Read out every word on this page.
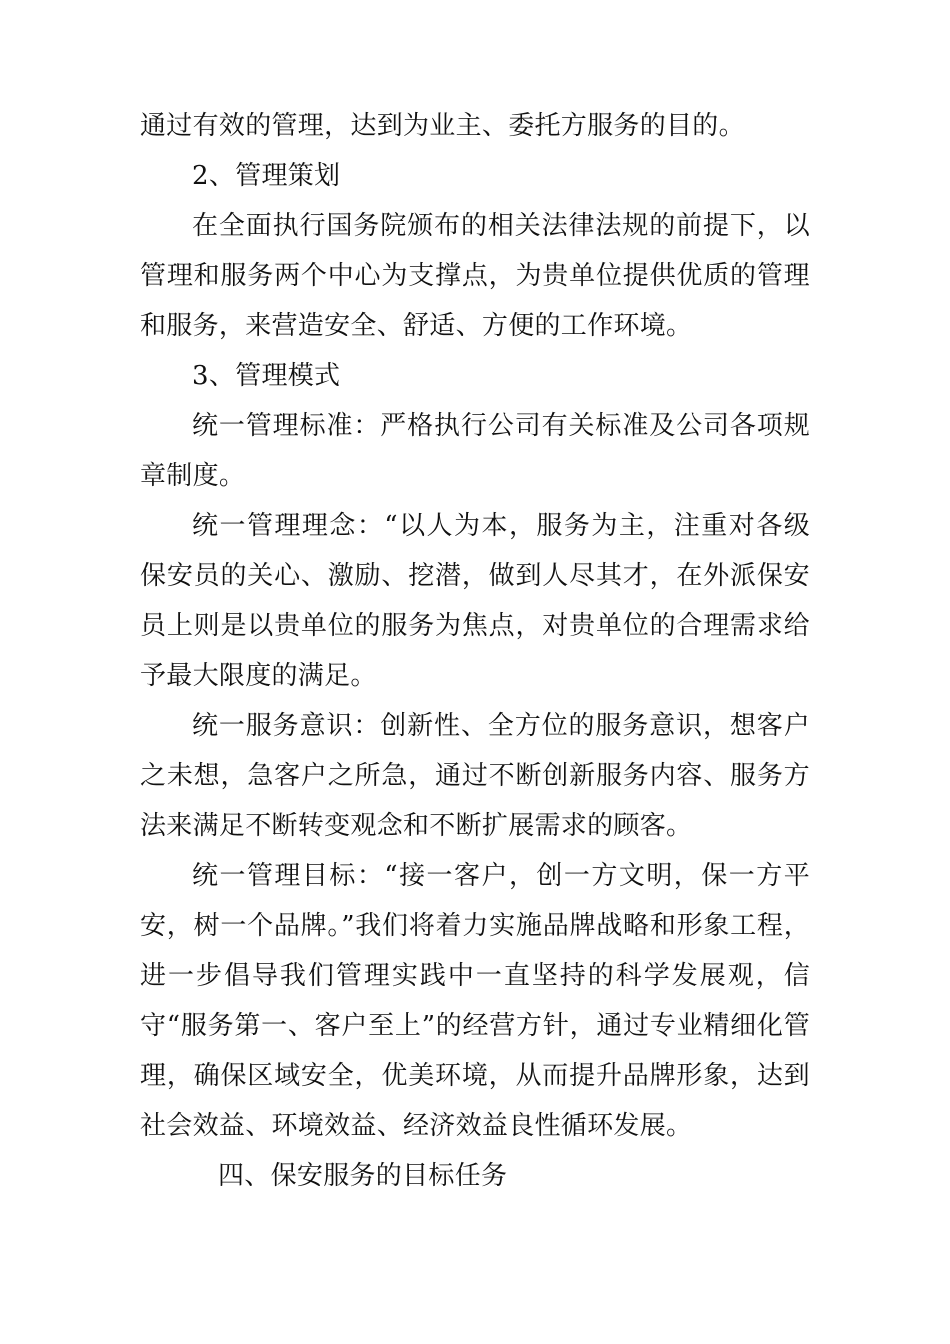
通过有效的管理，达到为业主、委托方服务的目的。

2、管理策划

在全面执行国务院颁布的相关法律法规的前提下，以管理和服务两个中心为支撑点，为贵单位提供优质的管理和服务，来营造安全、舒适、方便的工作环境。

3、管理模式

统一管理标准：严格执行公司有关标准及公司各项规章制度。

统一管理理念：“以人为本，服务为主，注重对各级保安员的关心、激励、挖潜，做到人尽其才，在外派保安员上则是以贵单位的服务为焦点，对贵单位的合理需求给予最大限度的满足。

统一服务意识：创新性、全方位的服务意识，想客户之未想，急客户之所急，通过不断创新服务内容、服务方法来满足不断转变观念和不断扩展需求的顾客。

统一管理目标：“接一客户，创一方文明，保一方平安，树一个品牌。”我们将着力实施品牌战略和形象工程，进一步倡导我们管理实践中一直坚持的科学发展观，信守“服务第一、客户至上”的经营方针，通过专业精细化管理，确保区域安全，优美环境，从而提升品牌形象，达到社会效益、环境效益、经济效益良性循环发展。

四、保安服务的目标任务
